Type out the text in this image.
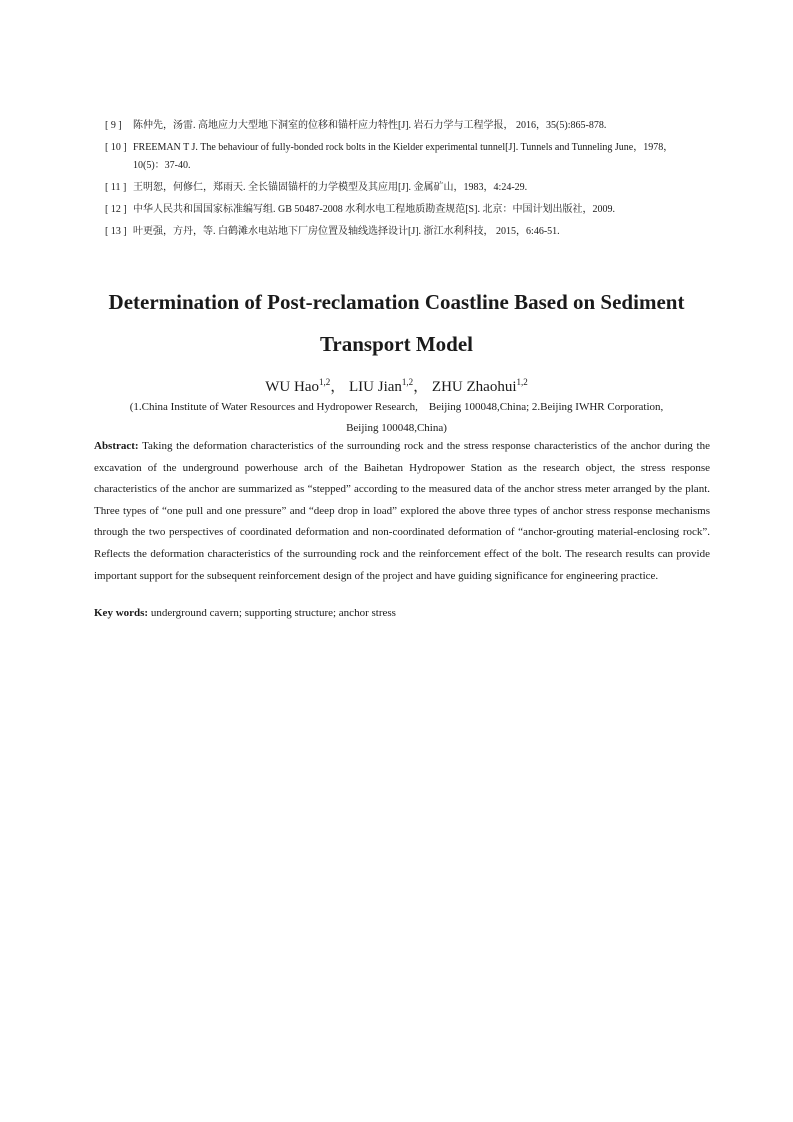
[ 9 ] 陈仲先，汤雷. 高地应力大型地下洞室的位移和锚杆应力特性[J]. 岩石力学与工程学报， 2016，35(5):865-878.
[ 10 ] FREEMAN T J. The behaviour of fully-bonded rock bolts in the Kielder experimental tunnel[J]. Tunnels and Tunneling June，1978，
10(5)：37-40.
[ 11 ] 王明恕，何修仁，郑雨天. 全长锚固锚杆的力学模型及其应用[J]. 金属矿山，1983，4:24-29.
[ 12 ] 中华人民共和国国家标准编写组. GB 50487-2008 水利水电工程地质勘查规范[S]. 北京：中国计划出版社，2009.
[ 13 ] 叶更强，方丹，等. 白鹤滩水电站地下厂房位置及轴线选择设计[J]. 浙江水利科技， 2015，6:46-51.
Determination of Post-reclamation Coastline Based on Sediment
Transport Model
WU Hao$^{1,2}$， LIU Jian$^{1,2}$， ZHU Zhaohui$^{1,2}$
(1.China Institute of Water Resources and Hydropower Research,　Beijing 100048,China; 2.Beijing IWHR Corporation,
Beijing 100048,China)
Abstract: Taking the deformation characteristics of the surrounding rock and the stress response characteristics of the anchor during the excavation of the underground powerhouse arch of the Baihetan Hydropower Station as the research object, the stress response characteristics of the anchor are summarized as “stepped” according to the measured data of the anchor stress meter arranged by the plant. Three types of “one pull and one pressure” and “deep drop in load” explored the above three types of anchor stress response mechanisms through the two perspectives of coordinated deformation and non-coordinated deformation of “anchor-grouting material-enclosing rock”. Reflects the deformation characteristics of the surrounding rock and the reinforcement effect of the bolt. The research results can provide important support for the subsequent reinforcement design of the project and have guiding significance for engineering practice.
Key words: underground cavern; supporting structure; anchor stress
